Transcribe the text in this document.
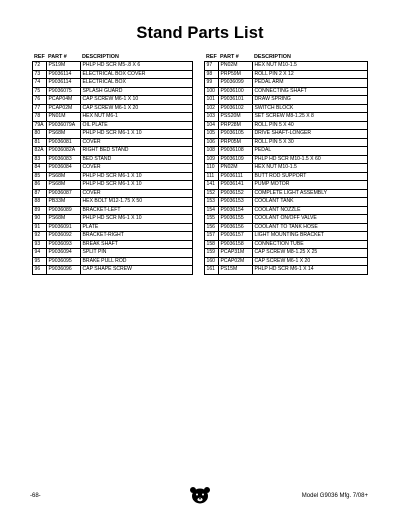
Stand Parts List
REF	PART #	DESCRIPTION
72	PS19M	PHLP HD SCR M5-.8 X 6
73	P9036114	ELECTRICAL BOX COVER
74	P9036114	ELECTRICAL BOX
75	P9036075	SPLASH GUARD
76	PCAP04M	CAP SCREW M6-1 X 10
77	PCAP02M	CAP SCREW M6-1 X 20
78	PN01M	HEX NUT M6-1
79A	P9036079A	OIL PLATE
80	PS68M	PHLP HD SCR M6-1 X 10
81	P9036081	COVER
82A	P9036082A	RIGHT BED STAND
83	P9036083	BED STAND
84	P9036084	COVER
85	PS68M	PHLP HD SCR M6-1 X 10
86	PS68M	PHLP HD SCR M6-1 X 10
87	P9036087	COVER
88	PB33M	HEX BOLT M12-1.75 X 50
89	P9036089	BRACKET-LEFT
90	PS68M	PHLP HD SCR M6-1 X 10
91	P9036091	PLATE
92	P9036092	BRACKET-RIGHT
93	P9036093	BREAK SHAFT
94	P9036094	SPLIT PIN
95	P9036095	BRAKE PULL ROD
96	P9036096	CAP SHAPE SCREW
REF	PART #	DESCRIPTION
97	PN02M	HEX NUT M10-1.5
98	PRP59M	ROLL PIN 2 X 12
99	P9036099	PEDAL ARM
100	P9036100	CONNECTING SHAFT
101	P9036101	DRAW SPRING
102	P9036102	SWITCH BLOCK
103	PSS20M	SET SCREW M8-1.25 X 8
104	PRP28M	ROLL PIN 5 X 40
105	P9036105	DRIVE SHAFT-LONGER
106	PRP05M	ROLL PIN 5 X 30
108	P9036108	PEDAL
109	P9036109	PHLP HD SCR M10-1.5 X 60
110	PN02M	HEX NUT M10-1.5
111	P9036111	BUTT ROD SUPPORT
141	P9036141	PUMP MOTOR
152	P9036152	COMPLETE LIGHT ASSEMBLY
153	P9036153	COOLANT TANK
154	P9036154	COOLANT NOZZLE
155	P9036155	COOLANT ON/OFF VALVE
156	P9036156	COOLANT TO TANK HOSE
157	P9036157	LIGHT MOUNTING BRACKET
158	P9036158	CONNECTION TUBE
159	PCAP31M	CAP SCREW M8-1.25 X 25
160	PCAP02M	CAP SCREW M6-1 X 20
161	PS15M	PHLP HD SCR M6-1 X 14
-68-	Model G9036 Mfg. 7/08+
